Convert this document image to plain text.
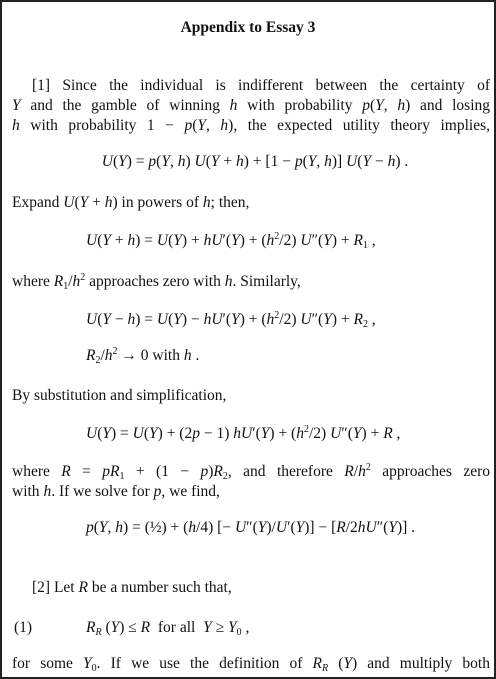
Appendix to Essay 3
[1] Since the individual is indifferent between the certainty of
Y and the gamble of winning h with probability p(Y, h) and losing
h with probability 1 − p(Y, h), the expected utility theory implies,
U(Y) = p(Y, h) U(Y + h) + [1 − p(Y, h)] U(Y − h) .
Expand U(Y + h) in powers of h; then,
$U(Y + h) = U(Y) + hU'(Y) + (h^2/2) U''(Y) + R_1$ ,
where $R_1/h^2$ approaches zero with h. Similarly,
$U(Y - h) = U(Y) - hU'(Y) + (h^2/2) U''(Y) + R_2$ ,
$R_2/h^2 \to 0$ with h .
By substitution and simplification,
U(Y) = U(Y) + (2p − 1) $hU'(Y) + (h^2/2) U''(Y) + R$ ,
where $R = pR_1 + (1 - p)R_2$, and therefore $R/h^2$ approaches zero
with h. If we solve for p, we find,
p(Y, h) = (½) + (h/4) [− U″(Y)/U′(Y)] − [R/2hU″(Y)] .
[2] Let R be a number such that,
(1)	$R_R$ (Y) ≤ R  for all  $Y \ge Y_0$ ,
for some $Y_0$. If we use the definition of $R_R$ (Y) and multiply both
